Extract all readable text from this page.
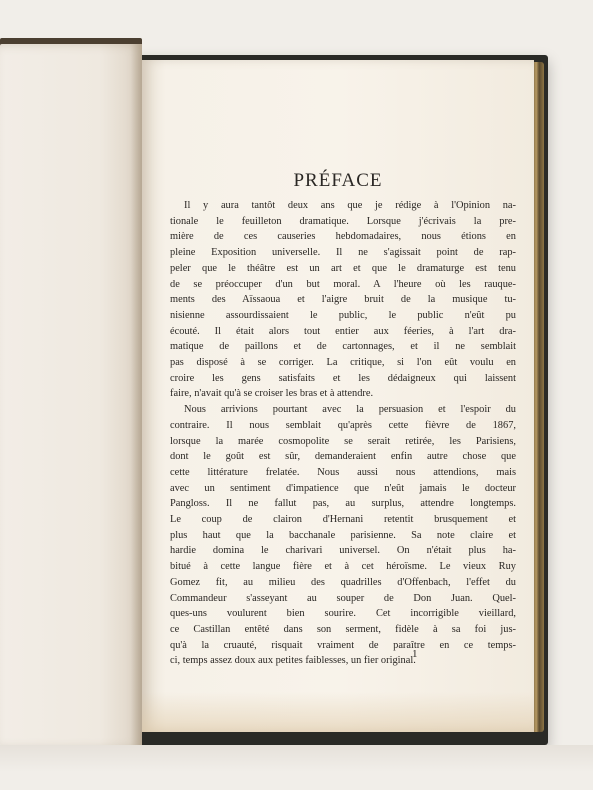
PRÉFACE
Il y aura tantôt deux ans que je rédige à l'Opinion na-
tionale le feuilleton dramatique. Lorsque j'écrivais la pre-
mière de ces causeries hebdomadaires, nous étions en
pleine Exposition universelle. Il ne s'agissait point de rap-
peler que le théâtre est un art et que le dramaturge est tenu
de se préoccuper d'un but moral. A l'heure où les rauque-
ments des Aïssaoua et l'aigre bruit de la musique tu-
nisienne assourdissaient le public, le public n'eût pu
écouté. Il était alors tout entier aux féeries, à l'art dra-
matique de paillons et de cartonnages, et il ne semblait
pas disposé à se corriger. La critique, si l'on eût voulu en
croire les gens satisfaits et les dédaigneux qui laissent
faire, n'avait qu'à se croiser les bras et à attendre.
Nous arrivions pourtant avec la persuasion et l'espoir du
contraire. Il nous semblait qu'après cette fièvre de 1867,
lorsque la marée cosmopolite se serait retirée, les Parisiens,
dont le goût est sûr, demanderaient enfin autre chose que
cette littérature frelatée. Nous aussi nous attendions, mais
avec un sentiment d'impatience que n'eût jamais le docteur
Pangloss. Il ne fallut pas, au surplus, attendre longtemps.
Le coup de clairon d'Hernani retentit brusquement et
plus haut que la bacchanale parisienne. Sa note claire et
hardie domina le charivari universel. On n'était plus ha-
bitué à cette langue fière et à cet héroïsme. Le vieux Ruy
Gomez fit, au milieu des quadrilles d'Offenbach, l'effet du
Commandeur s'asseyant au souper de Don Juan. Quel-
ques-uns voulurent bien sourire. Cet incorrigible vieillard,
ce Castillan entêté dans son serment, fidèle à sa foi jus-
qu'à la cruauté, risquait vraiment de paraître en ce temps-
ci, temps assez doux aux petites faiblesses, un fier original.
1
